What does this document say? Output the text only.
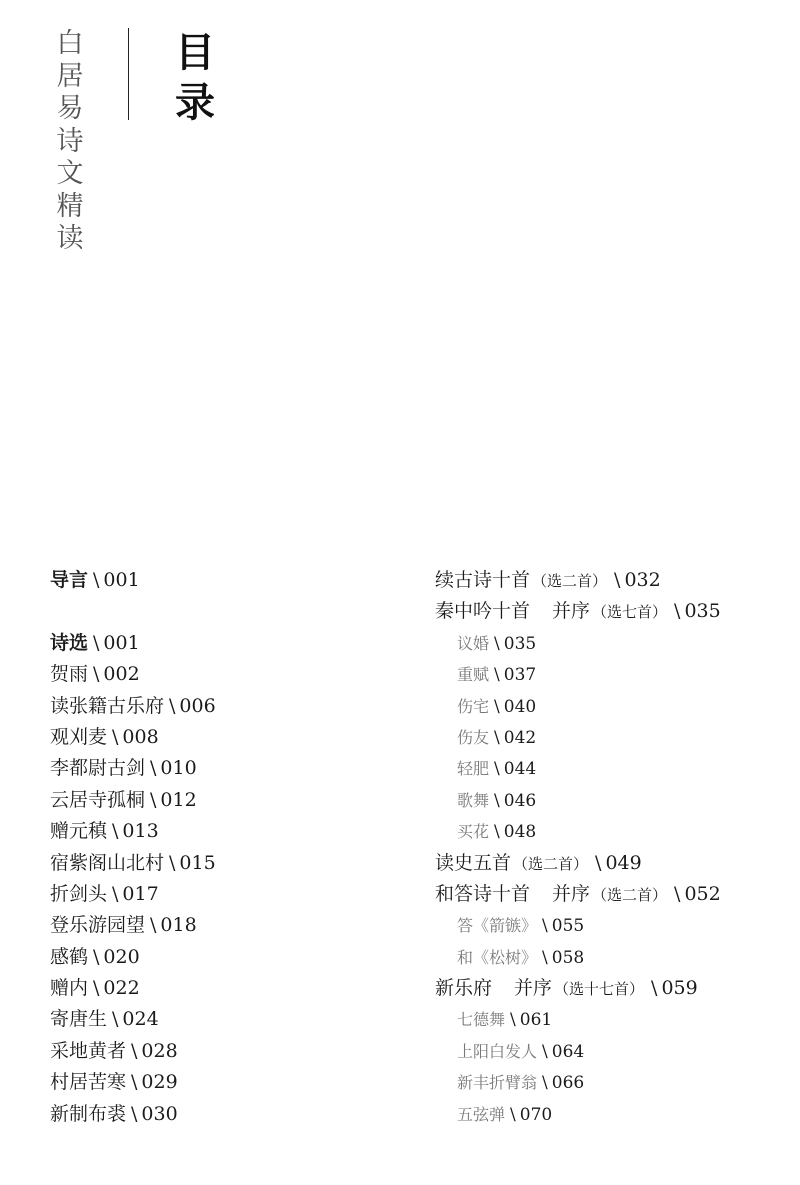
白居易诗文精读
目录
导言 \ 001
诗选 \ 001
贺雨 \ 002
读张籍古乐府 \ 006
观刈麦 \ 008
李都尉古剑 \ 010
云居寺孤桐 \ 012
赠元稹 \ 013
宿紫阁山北村 \ 015
折剑头 \ 017
登乐游园望 \ 018
感鹤 \ 020
赠内 \ 022
寄唐生 \ 024
采地黄者 \ 028
村居苦寒 \ 029
新制布裘 \ 030
续古诗十首 （选二首） \ 032
秦中吟十首 并序 （选七首） \ 035
议婚 \ 035
重赋 \ 037
伤宅 \ 040
伤友 \ 042
轻肥 \ 044
歌舞 \ 046
买花 \ 048
读史五首 （选二首） \ 049
和答诗十首 并序 （选二首） \ 052
答《箭镞》 \ 055
和《松树》 \ 058
新乐府 并序 （选十七首） \ 059
七德舞 \ 061
上阳白发人 \ 064
新丰折臂翁 \ 066
五弦弹 \ 070
